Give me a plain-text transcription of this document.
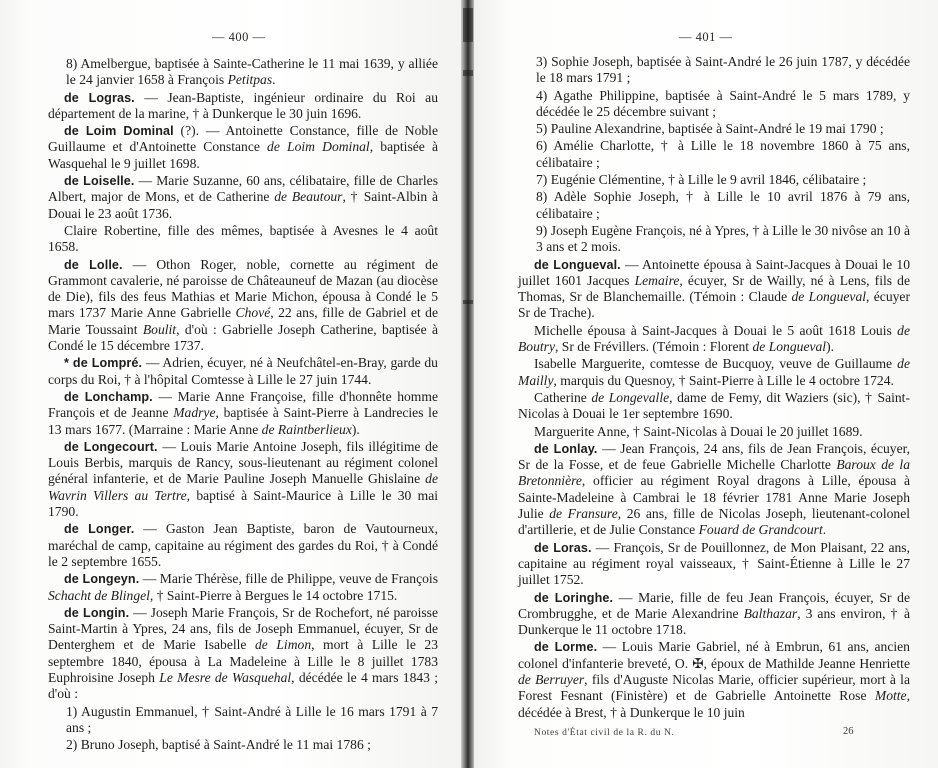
— 400 —

8) Amelbergue, baptisée à Sainte-Catherine le 11 mai 1639, y alliée le 24 janvier 1658 à François Petitpas.

de Logras. — Jean-Baptiste, ingénieur ordinaire du Roi au département de la marine, † à Dunkerque le 30 juin 1696.

de Loim Dominal (?). — Antoinette Constance, fille de Noble Guillaume et d'Antoinette Constance de Loim Dominal, baptisée à Wasquehal le 9 juillet 1698.

de Loiselle. — Marie Suzanne, 60 ans, célibataire, fille de Charles Albert, major de Mons, et de Catherine de Beautour, † Saint-Albin à Douai le 23 août 1736.

Claire Robertine, fille des mêmes, baptisée à Avesnes le 4 août 1658.

de Lolle. — Othon Roger, noble, cornette au régiment de Grammont cavalerie, né paroisse de Châteauneuf de Mazan (au diocèse de Die), fils des feus Mathias et Marie Michon, épousa à Condé le 5 mars 1737 Marie Anne Gabrielle Chové, 22 ans, fille de Gabriel et de Marie Toussaint Boulit, d'où : Gabrielle Joseph Catherine, baptisée à Condé le 15 décembre 1737.

* de Lompré. — Adrien, écuyer, né à Neufchâtel-en-Bray, garde du corps du Roi, † à l'hôpital Comtesse à Lille le 27 juin 1744.

de Lonchamp. — Marie Anne Françoise, fille d'honnête homme François et de Jeanne Madrye, baptisée à Saint-Pierre à Landrecies le 13 mars 1677. (Marraine : Marie Anne de Raintberlieux).

de Longecourt. — Louis Marie Antoine Joseph, fils illégitime de Louis Berbis, marquis de Rancy, sous-lieutenant au régiment colonel général infanterie, et de Marie Pauline Joseph Manuelle Ghislaine de Wavrin Villers au Tertre, baptisé à Saint-Maurice à Lille le 30 mai 1790.

de Longer. — Gaston Jean Baptiste, baron de Vautourneux, maréchal de camp, capitaine au régiment des gardes du Roi, † à Condé le 2 septembre 1655.

de Longeyn. — Marie Thérèse, fille de Philippe, veuve de François Schacht de Blingel, † Saint-Pierre à Bergues le 14 octobre 1715.

de Longin. — Joseph Marie François, Sr de Rochefort, né paroisse Saint-Martin à Ypres, 24 ans, fils de Joseph Emmanuel, écuyer, Sr de Denterghem et de Marie Isabelle de Limon, mort à Lille le 23 septembre 1840, épousa à La Madeleine à Lille le 8 juillet 1783 Euphroisine Joseph Le Mesre de Wasquehal, décédée le 4 mars 1843 ; d'où :

1) Augustin Emmanuel, † Saint-André à Lille le 16 mars 1791 à 7 ans ;

2) Bruno Joseph, baptisé à Saint-André le 11 mai 1786 ;

— 401 —

3) Sophie Joseph, baptisée à Saint-André le 26 juin 1787, y décédée le 18 mars 1791 ;

4) Agathe Philippine, baptisée à Saint-André le 5 mars 1789, y décédée le 25 décembre suivant ;

5) Pauline Alexandrine, baptisée à Saint-André le 19 mai 1790 ;

6) Amélie Charlotte, † à Lille le 18 novembre 1860 à 75 ans, célibataire ;

7) Eugénie Clémentine, † à Lille le 9 avril 1846, célibataire ;

8) Adèle Sophie Joseph, † à Lille le 10 avril 1876 à 79 ans, célibataire ;

9) Joseph Eugène François, né à Ypres, † à Lille le 30 nivôse an 10 à 3 ans et 2 mois.

de Longueval. — Antoinette épousa à Saint-Jacques à Douai le 10 juillet 1601 Jacques Lemaire, écuyer, Sr de Wailly, né à Lens, fils de Thomas, Sr de Blanchemaille. (Témoin : Claude de Longueval, écuyer Sr de Trache).

Michelle épousa à Saint-Jacques à Douai le 5 août 1618 Louis de Boutry, Sr de Frévillers. (Témoin : Florent de Longueval).

Isabelle Marguerite, comtesse de Bucquoy, veuve de Guillaume de Mailly, marquis du Quesnoy, † Saint-Pierre à Lille le 4 octobre 1724.

Catherine de Longevalle, dame de Femy, dit Waziers (sic), † Saint-Nicolas à Douai le 1er septembre 1690.

Marguerite Anne, † Saint-Nicolas à Douai le 20 juillet 1689.

de Lonlay. — Jean François, 24 ans, fils de Jean François, écuyer, Sr de la Fosse, et de feue Gabrielle Michelle Charlotte Baroux de la Bretonnière, officier au régiment Royal dragons à Lille, épousa à Sainte-Madeleine à Cambrai le 18 février 1781 Anne Marie Joseph Julie de Fransure, 26 ans, fille de Nicolas Joseph, lieutenant-colonel d'artillerie, et de Julie Constance Fouard de Grandcourt.

de Loras. — François, Sr de Pouillonnez, de Mon Plaisant, 22 ans, capitaine au régiment royal vaisseaux, † Saint-Étienne à Lille le 27 juillet 1752.

de Loringhe. — Marie, fille de feu Jean François, écuyer, Sr de Crombrugghe, et de Marie Alexandrine Balthazar, 3 ans environ, † à Dunkerque le 11 octobre 1718.

de Lorme. — Louis Marie Gabriel, né à Embrun, 61 ans, ancien colonel d'infanterie breveté, O. ✠, époux de Mathilde Jeanne Henriette de Berruyer, fils d'Auguste Nicolas Marie, officier supérieur, mort à la Forest Fesnant (Finistère) et de Gabrielle Antoinette Rose Motte, décédée à Brest, † à Dunkerque le 10 juin

Notes d'État civil de la R. du N.	26
